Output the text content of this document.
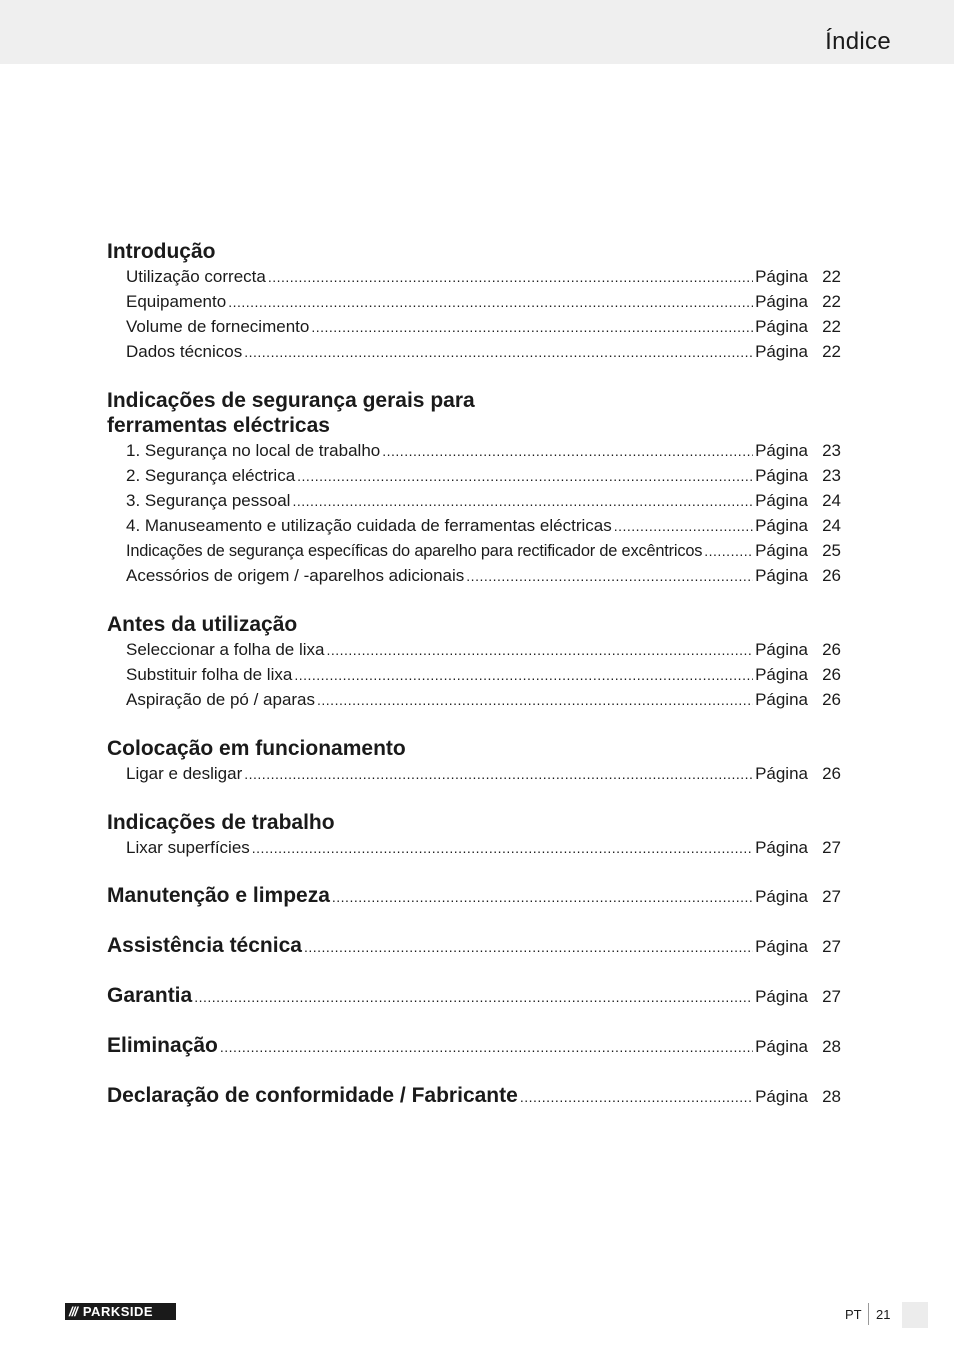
Índice
Introdução
Utilização correcta .....	Página 22
Equipamento .....	Página 22
Volume de fornecimento .....	Página 22
Dados técnicos .....	Página 22
Indicações de segurança gerais para
ferramentas eléctricas
1. Segurança no local de trabalho .....	Página 23
2. Segurança eléctrica .....	Página 23
3. Segurança pessoal .....	Página 24
4. Manuseamento e utilização cuidada de ferramentas eléctricas .....	Página 24
Indicações de segurança específicas do aparelho para rectificador de excêntricos .....	Página 25
Acessórios de origem / -aparelhos adicionais .....	Página 26
Antes da utilização
Seleccionar a folha de lixa .....	Página 26
Substituir folha de lixa .....	Página 26
Aspiração de pó / aparas .....	Página 26
Colocação em funcionamento
Ligar e desligar .....	Página 26
Indicações de trabalho
Lixar superfícies .....	Página 27
Manutenção e limpeza .....	Página 27
Assistência técnica .....	Página 27
Garantia .....	Página 27
Eliminação .....	Página 28
Declaração de conformidade / Fabricante .....	Página 28
/// PARKSIDE	PT 21
